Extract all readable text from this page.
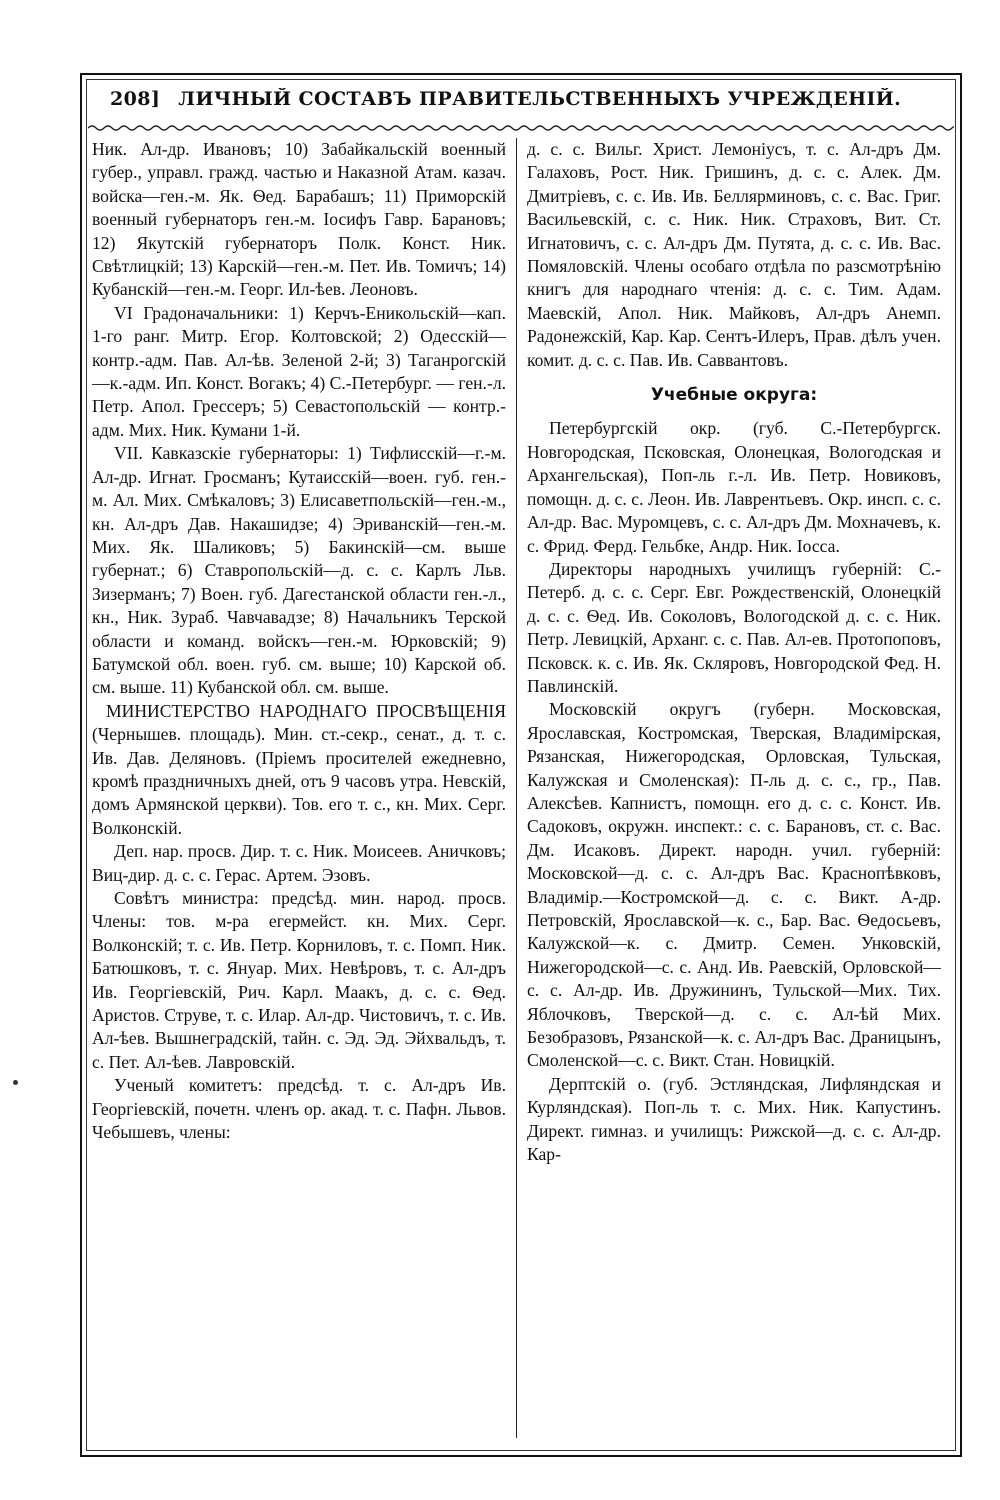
208] ЛИЧНЫЙ СОСТАВЪ ПРАВИТЕЛЬСТВЕННЫХЪ УЧРЕЖДЕНІЙ.

Ник. Ал-др. Ивановъ; 10) Забайкальскій военный губер., управл. гражд. частью и Наказной Атам. казач. войска—ген.-м. Як. Ѳед. Барабашъ; 11) Приморскій военный губернаторъ ген.-м. Іосифъ Гавр. Барановъ; 12) Якутскій губернаторъ Полк. Конст. Ник. Свѣтлицкій; 13) Карскій—ген.-м. Пет. Ив. Томичъ; 14) Кубанскій—ген.-м. Георг. Ил-ѣев. Леоновъ.

VI Градоначальники: 1) Керчъ-Еникольскій—кап. 1-го ранг. Митр. Егор. Колтовской; 2) Одесскій—контр.-адм. Пав. Ал-ѣв. Зеленой 2-й; 3) Таганрогскій—к.-адм. Ип. Конст. Вогакъ; 4) С.-Петербург. — ген.-л. Петр. Апол. Грессеръ; 5) Севастопольскій — контр.-адм. Мих. Ник. Кумани 1-й.

VII. Кавказскіе губернаторы: 1) Тифлисскій—г.-м. Ал-др. Игнат. Гросманъ; Кутаисскій—воен. губ. ген.-м. Ал. Мих. Смѣкаловъ; 3) Елисаветпольскій—ген.-м., кн. Ал-дръ Дав. Накашидзе; 4) Эриванскій—ген.-м. Мих. Як. Шаликовъ; 5) Бакинскій—см. выше губернат.; 6) Ставропольскій—д. с. с. Карлъ Льв. Зизерманъ; 7) Воен. губ. Дагестанской области ген.-л., кн., Ник. Зураб. Чавчавадзе; 8) Начальникъ Терской области и команд. войскъ—ген.-м. Юрковскій; 9) Батумской обл. воен. губ. см. выше; 10) Карской об. см. выше. 11) Кубанской обл. см. выше.

МИНИСТЕРСТВО НАРОДНАГО ПРОСВѢЩЕНІЯ (Чернышев. площадь). Мин. ст.-секр., сенат., д. т. с. Ив. Дав. Деляновъ. (Пріемъ просителей ежедневно, кромѣ праздничныхъ дней, отъ 9 часовъ утра. Невскій, домъ Армянской церкви). Тов. его т. с., кн. Мих. Серг. Волконскій.

Деп. нар. просв. Дир. т. с. Ник. Моисеев. Аничковъ; Виц-дир. д. с. с. Герас. Артем. Эзовъ.

Совѣтъ министра: предсѣд. мин. народ. просв. Члены: тов. м-ра егермейст. кн. Мих. Серг. Волконскій; т. с. Ив. Петр. Корниловъ, т. с. Помп. Ник. Батюшковъ, т. с. Януар. Мих. Невѣровъ, т. с. Ал-дръ Ив. Георгіевскій, Рич. Карл. Маакъ, д. с. с. Ѳед. Аристов. Струве, т. с. Илар. Ал-др. Чистовичъ, т. с. Ив. Ал-ѣев. Вышнеградскій, тайн. с. Эд. Эд. Эйхвальдъ, т. с. Пет. Ал-ѣев. Лавровскій.

Ученый комитетъ: предсѣд. т. с. Ал-дръ Ив. Георгіевскій, почетн. членъ ор. акад. т. с. Пафн. Львов. Чебышевъ, члены:

д. с. с. Вильг. Христ. Лемоніусъ, т. с. Ал-дръ Дм. Галаховъ, Рост. Ник. Гришинъ, д. с. с. Алек. Дм. Дмитріевъ, с. с. Ив. Ив. Беллярминовъ, с. с. Вас. Григ. Васильевскій, с. с. Ник. Ник. Страховъ, Вит. Ст. Игнатовичъ, с. с. Ал-дръ Дм. Путята, д. с. с. Ив. Вас. Помяловскій. Члены особаго отдѣла по разсмотрѣнію книгъ для народнаго чтенія: д. с. с. Тим. Адам. Маевскій, Апол. Ник. Майковъ, Ал-дръ Анемп. Радонежскій, Кар. Кар. Сентъ-Илеръ, Прав. дѣлъ учен. комит. д. с. с. Пав. Ив. Саввантовъ.

Учебные округа:

Петербургскій окр. (губ. С.-Петербургск. Новгородская, Псковская, Олонецкая, Вологодская и Архангельская), Поп-ль г.-л. Ив. Петр. Новиковъ, помощн. д. с. с. Леон. Ив. Лаврентьевъ. Окр. инсп. с. с. Ал-др. Вас. Муромцевъ, с. с. Ал-дръ Дм. Мохначевъ, к. с. Фрид. Ферд. Гельбке, Андр. Ник. Іосса.

Директоры народныхъ училищъ губерній: С.-Петерб. д. с. с. Серг. Евг. Рождественскій, Олонецкій д. с. с. Ѳед. Ив. Соколовъ, Вологодской д. с. с. Ник. Петр. Левицкій, Арханг. с. с. Пав. Ал-ев. Протопоповъ, Псковск. к. с. Ив. Як. Скляровъ, Новгородской Фед. Н. Павлинскій.

Московскій округъ (губерн. Московская, Ярославская, Костромская, Тверская, Владимірская, Рязанская, Нижегородская, Орловская, Тульская, Калужская и Смоленская): П-ль д. с. с., гр., Пав. Алексѣев. Капнистъ, помощн. его д. с. с. Конст. Ив. Садоковъ, окружн. инспект.: с. с. Барановъ, ст. с. Вас. Дм. Исаковъ. Директ. народн. учил. губерній: Московской—д. с. с. Ал-дръ Вас. Краснопѣвковъ, Владимір.—Костромской—д. с. с. Викт. А-др. Петровскій, Ярославской—к. с., Бар. Вас. Ѳедосьевъ, Калужской—к. с. Дмитр. Семен. Унковскій, Нижегородской—с. с. Анд. Ив. Раевскій, Орловской—с. с. Ал-др. Ив. Дружининъ, Тульской—Мих. Тих. Яблочковъ, Тверской—д. с. с. Ал-ѣй Мих. Безобразовъ, Рязанской—к. с. Ал-дръ Вас. Драницынъ, Смоленской—с. с. Викт. Стан. Новицкій.

Дерптскій о. (губ. Эстляндская, Лифляндская и Курляндская). Поп-ль т. с. Мих. Ник. Капустинъ. Директ. гимназ. и училищъ: Рижской—д. с. с. Ал-др. Кар-
